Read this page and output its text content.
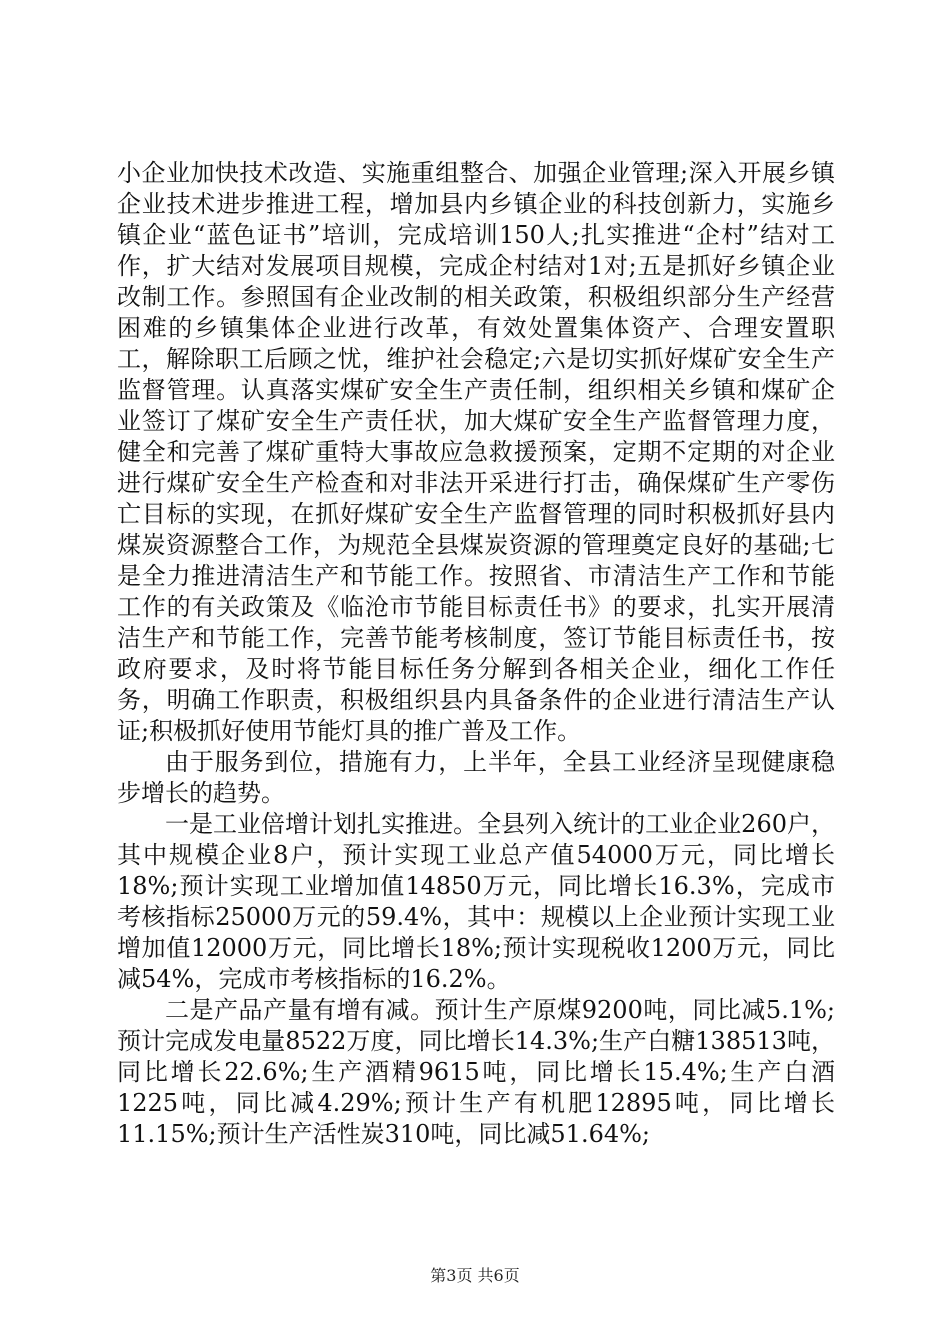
小企业加快技术改造、实施重组整合、加强企业管理;深入开展乡镇企业技术进步推进工程，增加县内乡镇企业的科技创新力，实施乡镇企业“蓝色证书”培训，完成培训150人;扎实推进“企村”结对工作，扩大结对发展项目规模，完成企村结对1对;五是抓好乡镇企业改制工作。参照国有企业改制的相关政策，积极组织部分生产经营困难的乡镇集体企业进行改革，有效处置集体资产、合理安置职工，解除职工后顾之忧，维护社会稳定;六是切实抓好煤矿安全生产监督管理。认真落实煤矿安全生产责任制，组织相关乡镇和煤矿企业签订了煤矿安全生产责任状，加大煤矿安全生产监督管理力度，健全和完善了煤矿重特大事故应急救援预案，定期不定期的对企业进行煤矿安全生产检查和对非法开采进行打击，确保煤矿生产零伤亡目标的实现，在抓好煤矿安全生产监督管理的同时积极抓好县内煤炭资源整合工作，为规范全县煤炭资源的管理奠定良好的基础;七是全力推进清洁生产和节能工作。按照省、市清洁生产工作和节能工作的有关政策及《临沧市节能目标责任书》的要求，扎实开展清洁生产和节能工作，完善节能考核制度，签订节能目标责任书，按政府要求，及时将节能目标任务分解到各相关企业，细化工作任务，明确工作职责，积极组织县内具备条件的企业进行清洁生产认证;积极抓好使用节能灯具的推广普及工作。

由于服务到位，措施有力，上半年，全县工业经济呈现健康稳步增长的趋势。

一是工业倍增计划扎实推进。全县列入统计的工业企业260户，其中规模企业8户，预计实现工业总产值54000万元，同比增长18%;预计实现工业增加值14850万元，同比增长16.3%，完成市考核指标25000万元的59.4%，其中：规模以上企业预计实现工业增加值12000万元，同比增长18%;预计实现税收1200万元，同比减54%，完成市考核指标的16.2%。

二是产品产量有增有减。预计生产原煤9200吨，同比减5.1%;预计完成发电量8522万度，同比增长14.3%;生产白糖138513吨，同比增长22.6%;生产酒精9615吨，同比增长15.4%;生产白酒1225吨，同比减4.29%;预计生产有机肥12895吨，同比增长11.15%;预计生产活性炭310吨，同比减51.64%;

第3页 共6页
